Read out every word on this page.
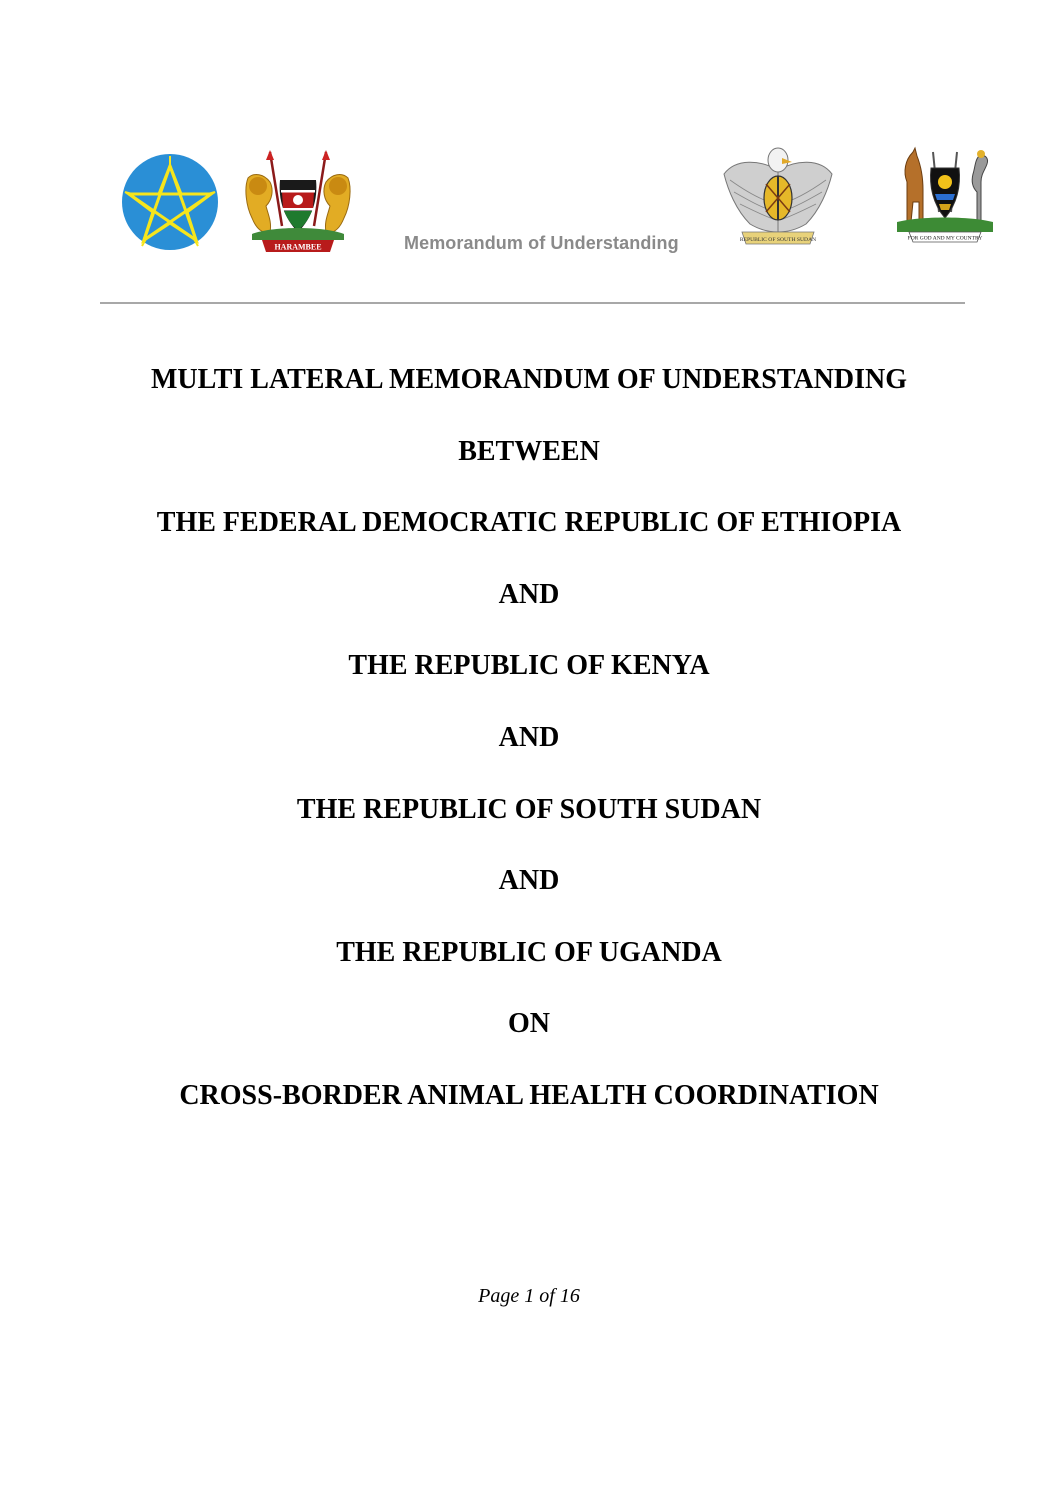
HARAMBEE
REPUBLIC OF SOUTH SUDAN	FOR GOD AND MY COUNTRY
Memorandum of Understanding
MULTI LATERAL MEMORANDUM OF UNDERSTANDING
BETWEEN
THE FEDERAL DEMOCRATIC REPUBLIC OF ETHIOPIA
AND
THE REPUBLIC OF KENYA
AND
THE REPUBLIC OF SOUTH SUDAN
AND
THE REPUBLIC OF UGANDA
ON
CROSS-BORDER ANIMAL HEALTH COORDINATION
Page 1 of 16
